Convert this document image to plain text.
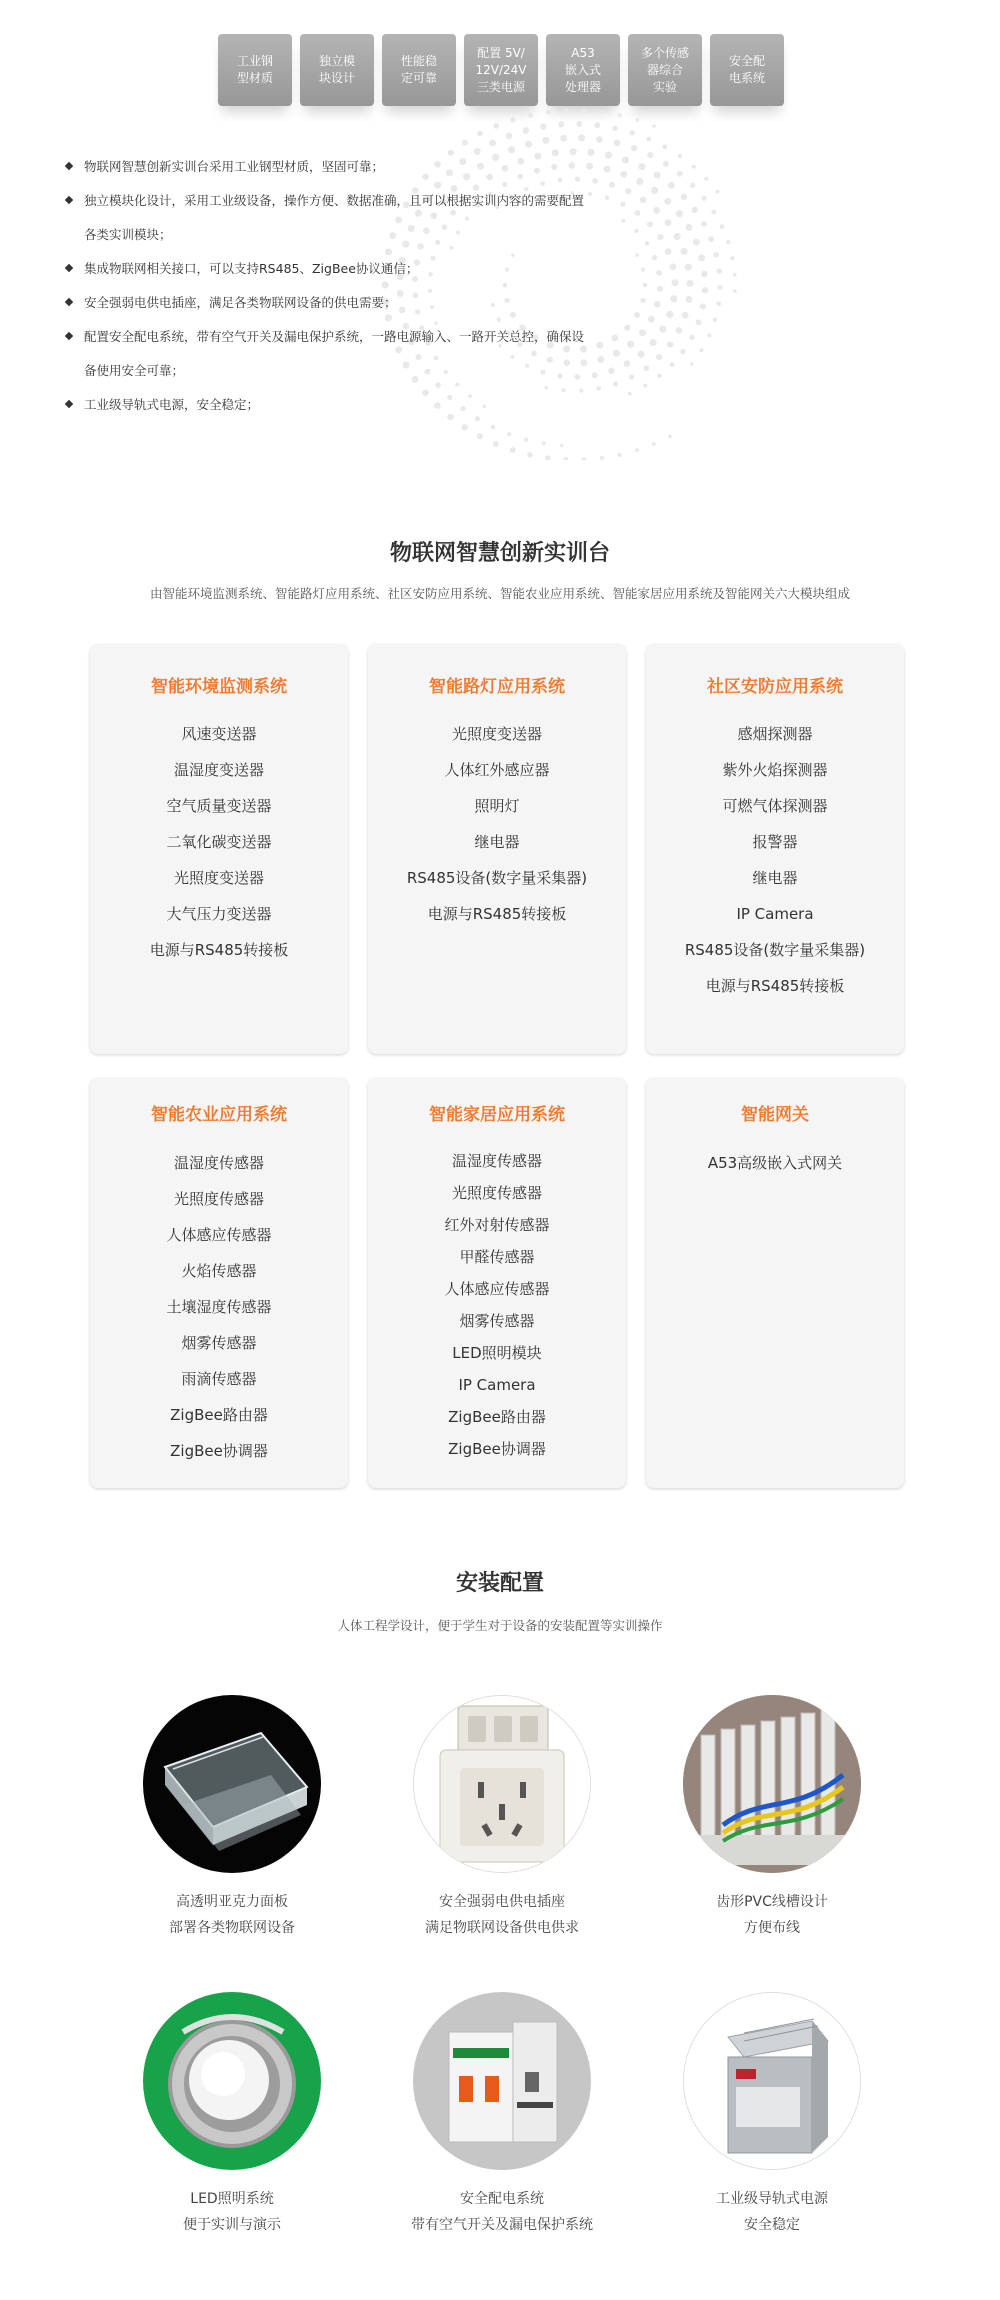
工业钢
型材质
独立模
块设计
性能稳
定可靠
配置 5V/
12V/24V
三类电源
A53
嵌入式
处理器
多个传感
器综合
实验
安全配
电系统
物联网智慧创新实训台采用工业钢型材质，坚固可靠；
独立模块化设计，采用工业级设备，操作方便、数据准确，且可以根据实训内容的需要配置
各类实训模块；
集成物联网相关接口，可以支持RS485、ZigBee协议通信；
安全强弱电供电插座，满足各类物联网设备的供电需要；
配置安全配电系统，带有空气开关及漏电保护系统，一路电源输入、一路开关总控，确保设
备使用安全可靠；
工业级导轨式电源，安全稳定；
物联网智慧创新实训台
由智能环境监测系统、智能路灯应用系统、社区安防应用系统、智能农业应用系统、智能家居应用系统及智能网关六大模块组成
智能环境监测系统
风速变送器
温湿度变送器
空气质量变送器
二氧化碳变送器
光照度变送器
大气压力变送器
电源与RS485转接板
智能路灯应用系统
光照度变送器
人体红外感应器
照明灯
继电器
RS485设备(数字量采集器)
电源与RS485转接板
社区安防应用系统
感烟探测器
紫外火焰探测器
可燃气体探测器
报警器
继电器
IP Camera
RS485设备(数字量采集器)
电源与RS485转接板
智能农业应用系统
温湿度传感器
光照度传感器
人体感应传感器
火焰传感器
土壤湿度传感器
烟雾传感器
雨滴传感器
ZigBee路由器
ZigBee协调器
智能家居应用系统
温湿度传感器
光照度传感器
红外对射传感器
甲醛传感器
人体感应传感器
烟雾传感器
LED照明模块
IP Camera
ZigBee路由器
ZigBee协调器
智能网关
A53高级嵌入式网关
安装配置
人体工程学设计，便于学生对于设备的安装配置等实训操作
高透明亚克力面板
部署各类物联网设备
安全强弱电供电插座
满足物联网设备供电供求
齿形PVC线槽设计
方便布线
LED照明系统
便于实训与演示
安全配电系统
带有空气开关及漏电保护系统
工业级导轨式电源
安全稳定
